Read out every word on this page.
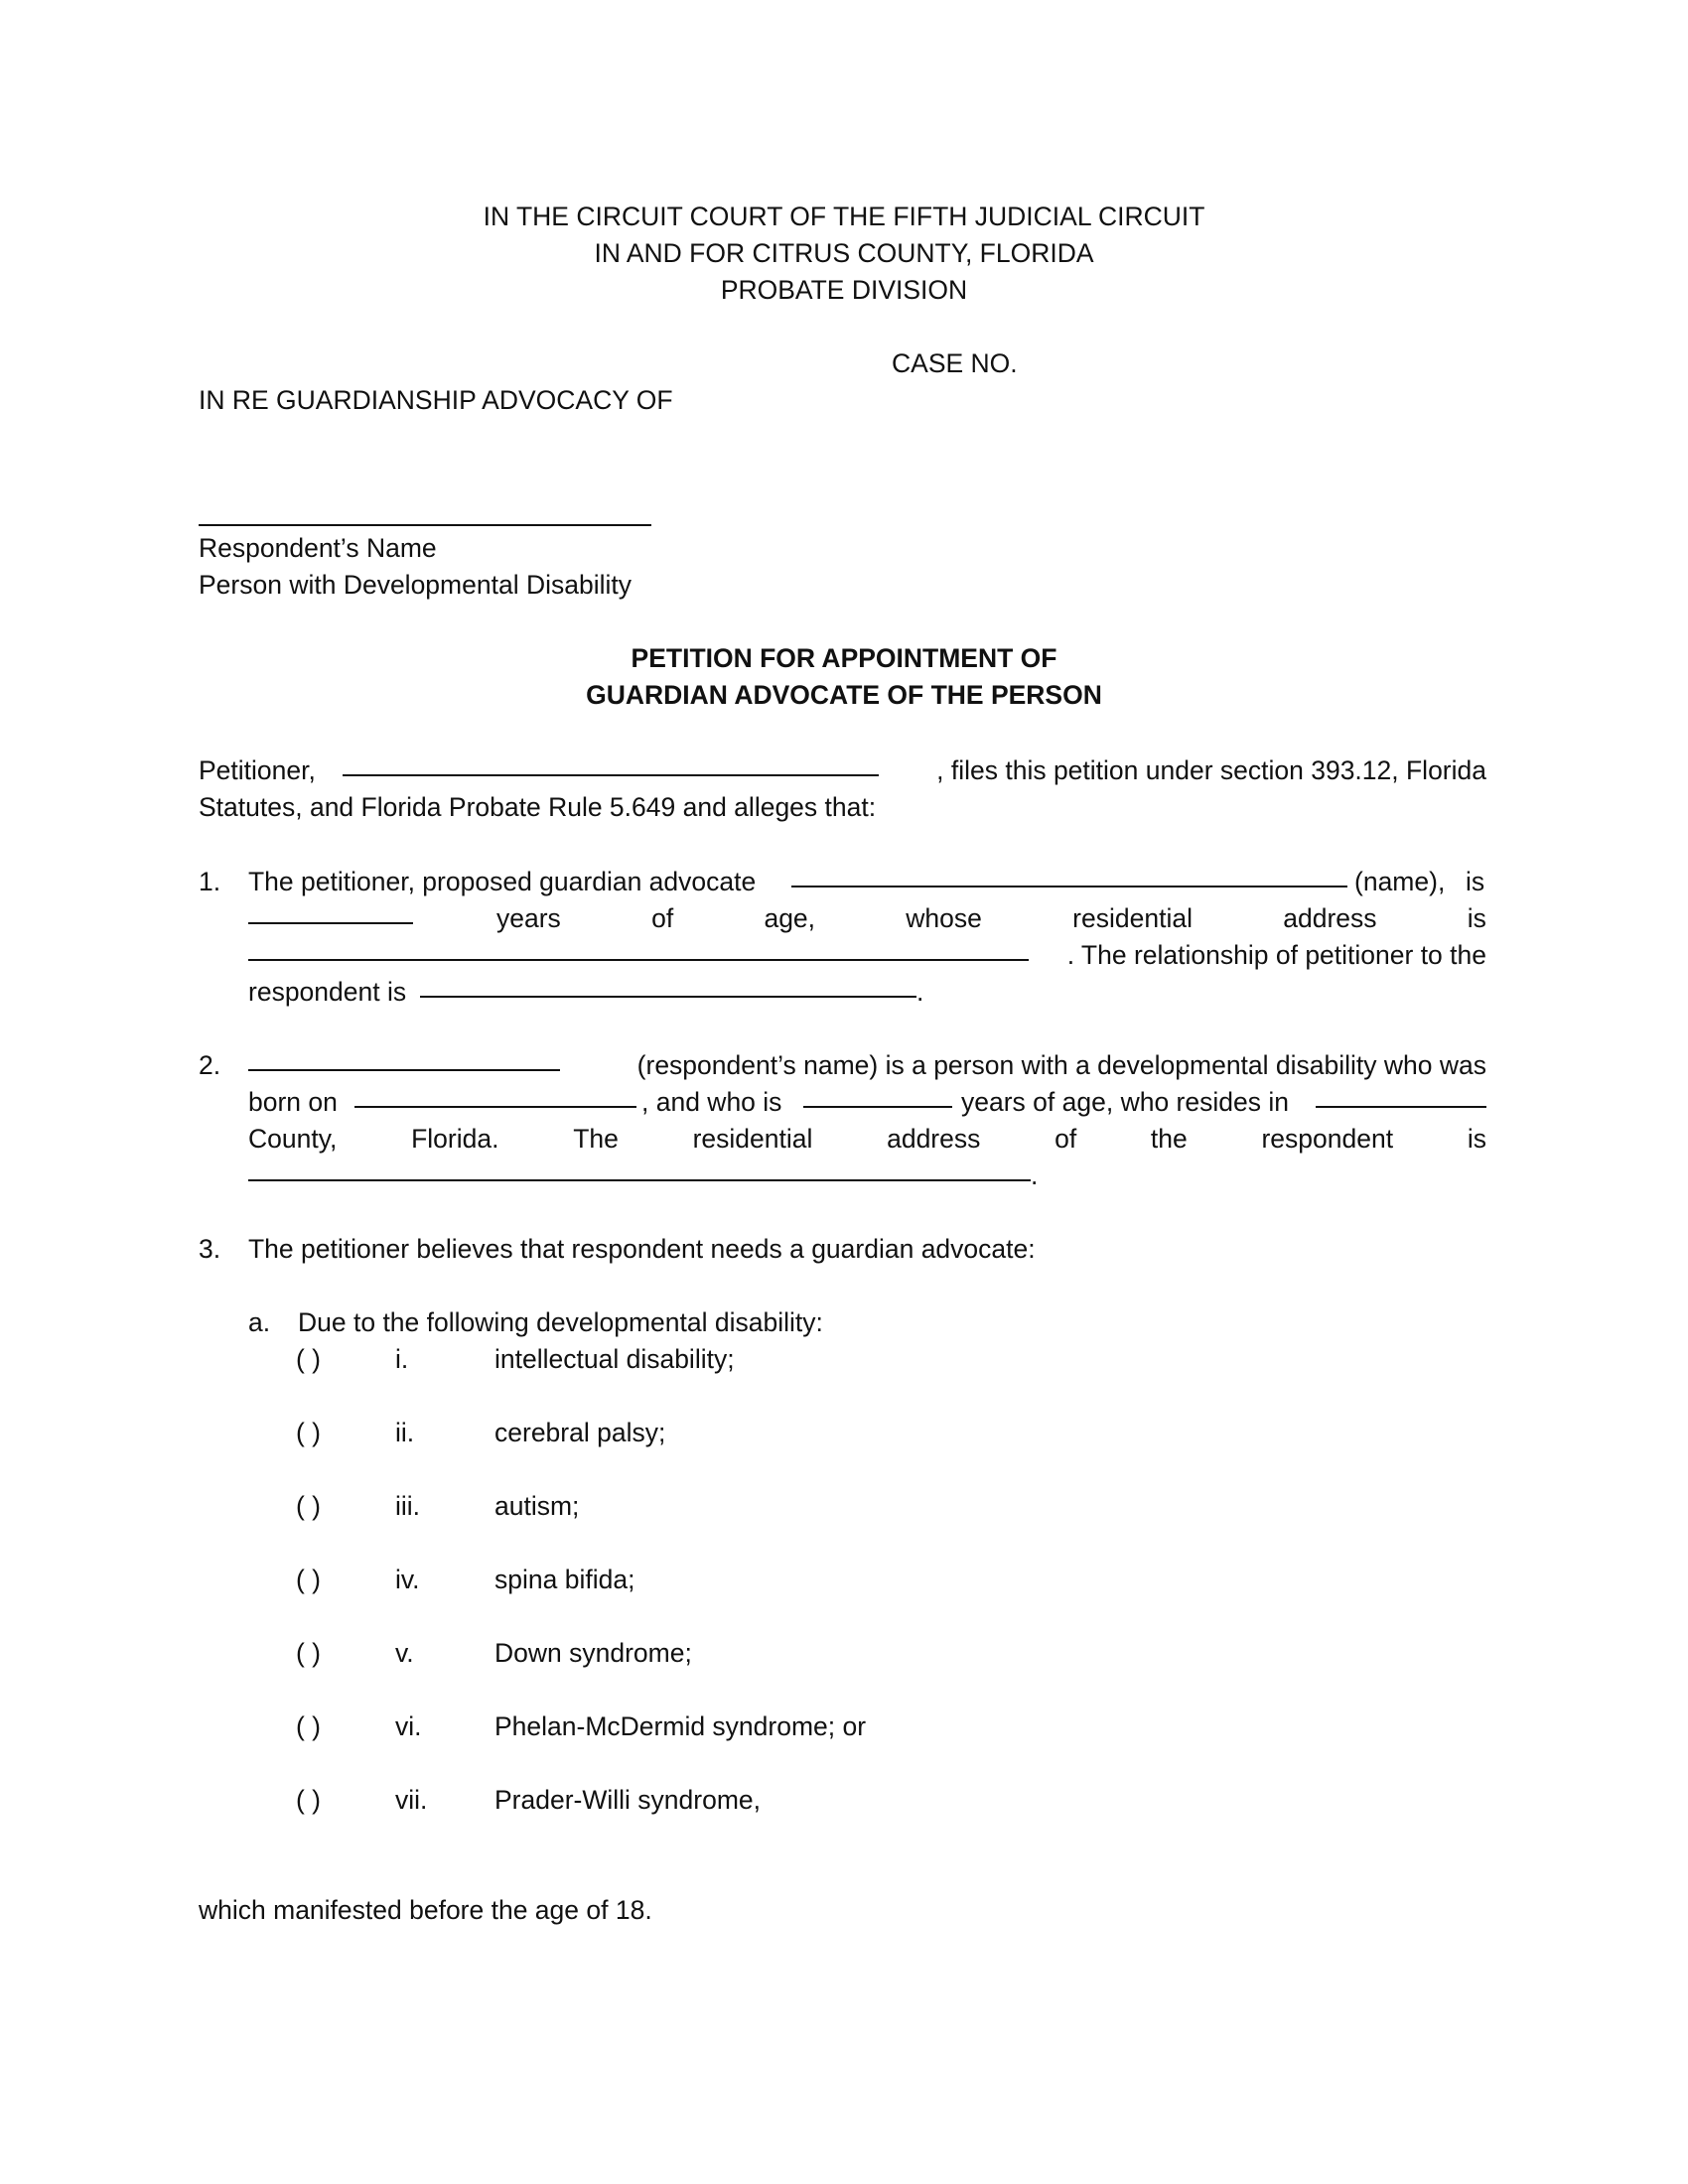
IN THE CIRCUIT COURT OF THE FIFTH JUDICIAL CIRCUIT
IN AND FOR CITRUS COUNTY, FLORIDA
PROBATE DIVISION
CASE NO.
IN RE GUARDIANSHIP ADVOCACY OF
Respondent’s Name
Person with Developmental Disability
PETITION FOR APPOINTMENT OF
GUARDIAN ADVOCATE OF THE PERSON
Petitioner,	, files this petition under section 393.12, Florida
Statutes, and Florida Probate Rule 5.649 and alleges that:
1. The petitioner, proposed guardian advocate	(name), is
years	of	age,	whose	residential	address	is
. The relationship of petitioner to the
respondent is	.
2.	(respondent’s name) is a person with a developmental disability who was
born on	, and who is	years of age, who resides in
County,	Florida.	The	residential	address	of	the	respondent	is
.
3. The petitioner believes that respondent needs a guardian advocate:
a. Due to the following developmental disability:
( )	i.	intellectual disability;
( )	ii.	cerebral palsy;
( )	iii.	autism;
( )	iv.	spina bifida;
( )	v.	Down syndrome;
( )	vi.	Phelan-McDermid syndrome; or
( )	vii.	Prader-Willi syndrome,
which manifested before the age of 18.
